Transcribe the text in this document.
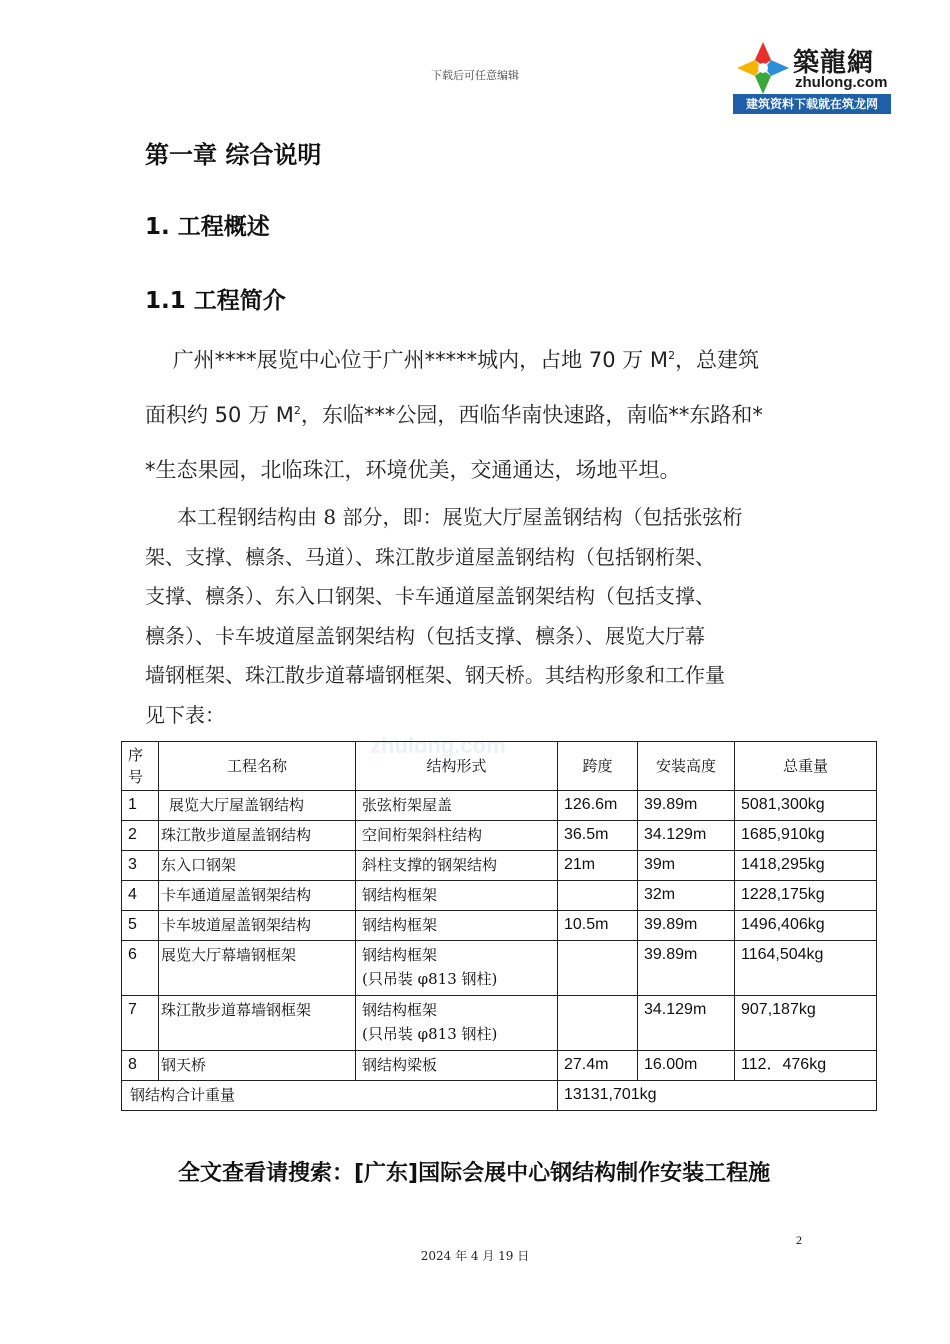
下载后可任意编辑	築龍網
zhulong.com
建筑资料下载就在筑龙网
第一章 综合说明
1. 工程概述
1.1 工程简介
  广州****展览中心位于广州*****城内，占地 70 万 $M^2$，总建筑
面积约 50 万 $M^2$，东临***公园，西临华南快速路，南临**东路和*
*生态果园，北临珠江，环境优美，交通通达，场地平坦。
本工程钢结构由 8 部分，即：展览大厅屋盖钢结构（包括张弦桁
架、支撑、檩条、马道）、珠江散步道屋盖钢结构（包括钢桁架、
支撑、檩条）、东入口钢架、卡车通道屋盖钢架结构（包括支撑、
檩条）、卡车坡道屋盖钢架结构（包括支撑、檩条）、展览大厅幕
墙钢框架、珠江散步道幕墙钢框架、钢天桥。其结构形象和工作量
见下表：
zhulong.com
序号	工程名称	结构形式	跨度	安装高度	总重量
1	展览大厅屋盖钢结构	张弦桁架屋盖	126.6m	39.89m	5081,300kg
2	珠江散步道屋盖钢结构	空间桁架斜柱结构	36.5m	34.129m	1685,910kg
3	东入口钢架	斜柱支撑的钢架结构	21m	39m	1418,295kg
4	卡车通道屋盖钢架结构	钢结构框架		32m	1228,175kg
5	卡车坡道屋盖钢架结构	钢结构框架	10.5m	39.89m	1496,406kg
6	展览大厅幕墙钢框架	钢结构框架
(只吊装 φ813 钢柱)		39.89m	1164,504kg
7	珠江散步道幕墙钢框架	钢结构框架
(只吊装 φ813 钢柱)		34.129m	907,187kg
8	钢天桥	钢结构梁板	27.4m	16.00m	112．476kg
钢结构合计重量			13131,701kg		
全文查看请搜索：[广东]国际会展中心钢结构制作安装工程施
2
2024 年 4 月 19 日
